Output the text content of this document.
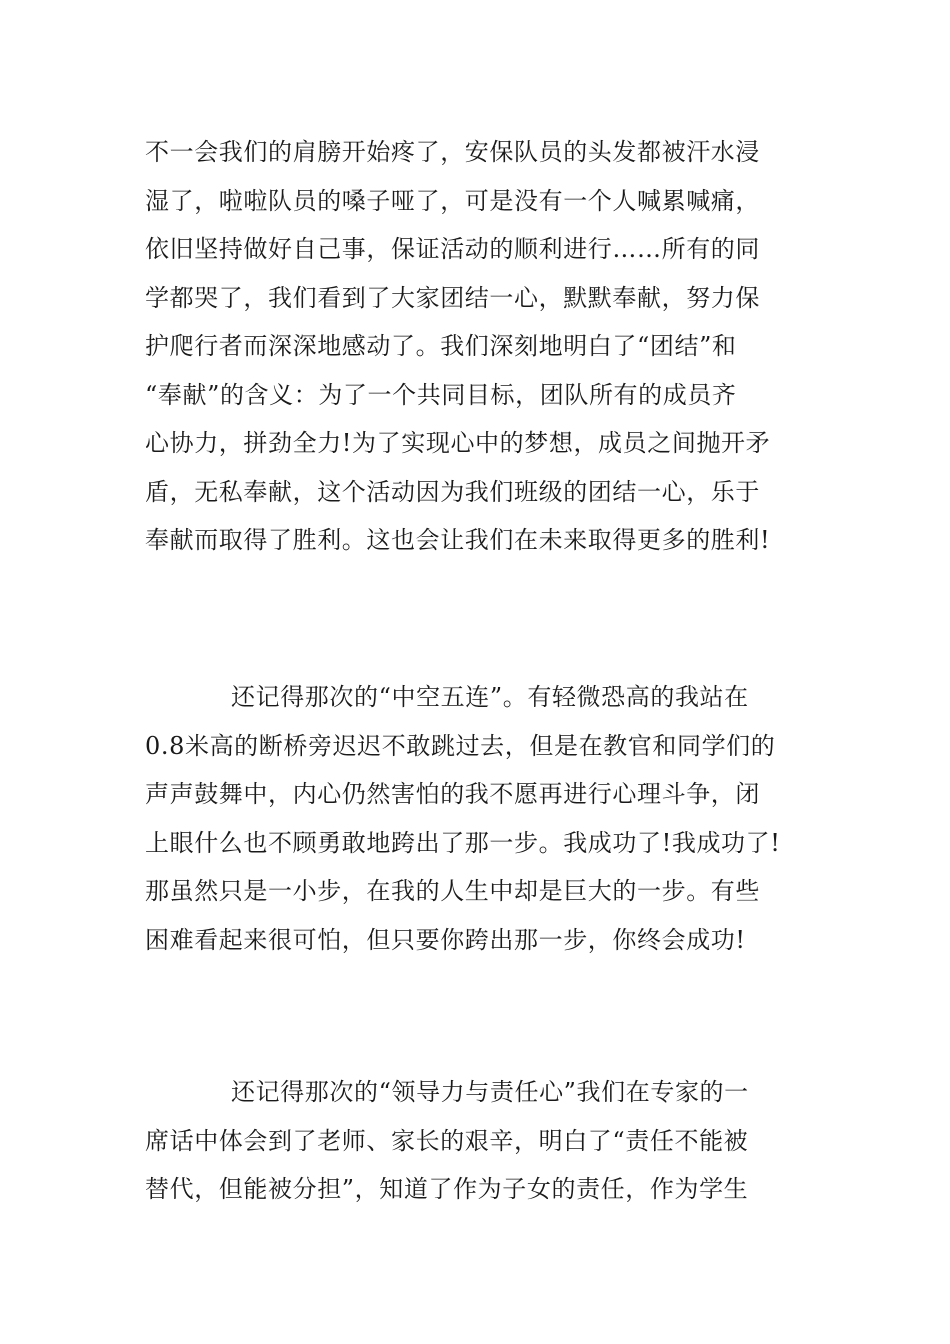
不一会我们的肩膀开始疼了，安保队员的头发都被汗水浸
湿了，啦啦队员的嗓子哑了，可是没有一个人喊累喊痛，
依旧坚持做好自己事，保证活动的顺利进行……所有的同
学都哭了，我们看到了大家团结一心，默默奉献，努力保
护爬行者而深深地感动了。我们深刻地明白了“团结”和
“奉献”的含义：为了一个共同目标，团队所有的成员齐
心协力，拼劲全力!为了实现心中的梦想，成员之间抛开矛
盾，无私奉献，这个活动因为我们班级的团结一心，乐于
奉献而取得了胜利。这也会让我们在未来取得更多的胜利!
还记得那次的“中空五连”。有轻微恐高的我站在
0.8米高的断桥旁迟迟不敢跳过去，但是在教官和同学们的
声声鼓舞中，内心仍然害怕的我不愿再进行心理斗争，闭
上眼什么也不顾勇敢地跨出了那一步。我成功了!我成功了!
那虽然只是一小步，在我的人生中却是巨大的一步。有些
困难看起来很可怕，但只要你跨出那一步，你终会成功!
还记得那次的“领导力与责任心”我们在专家的一
席话中体会到了老师、家长的艰辛，明白了“责任不能被
替代，但能被分担”，知道了作为子女的责任，作为学生
